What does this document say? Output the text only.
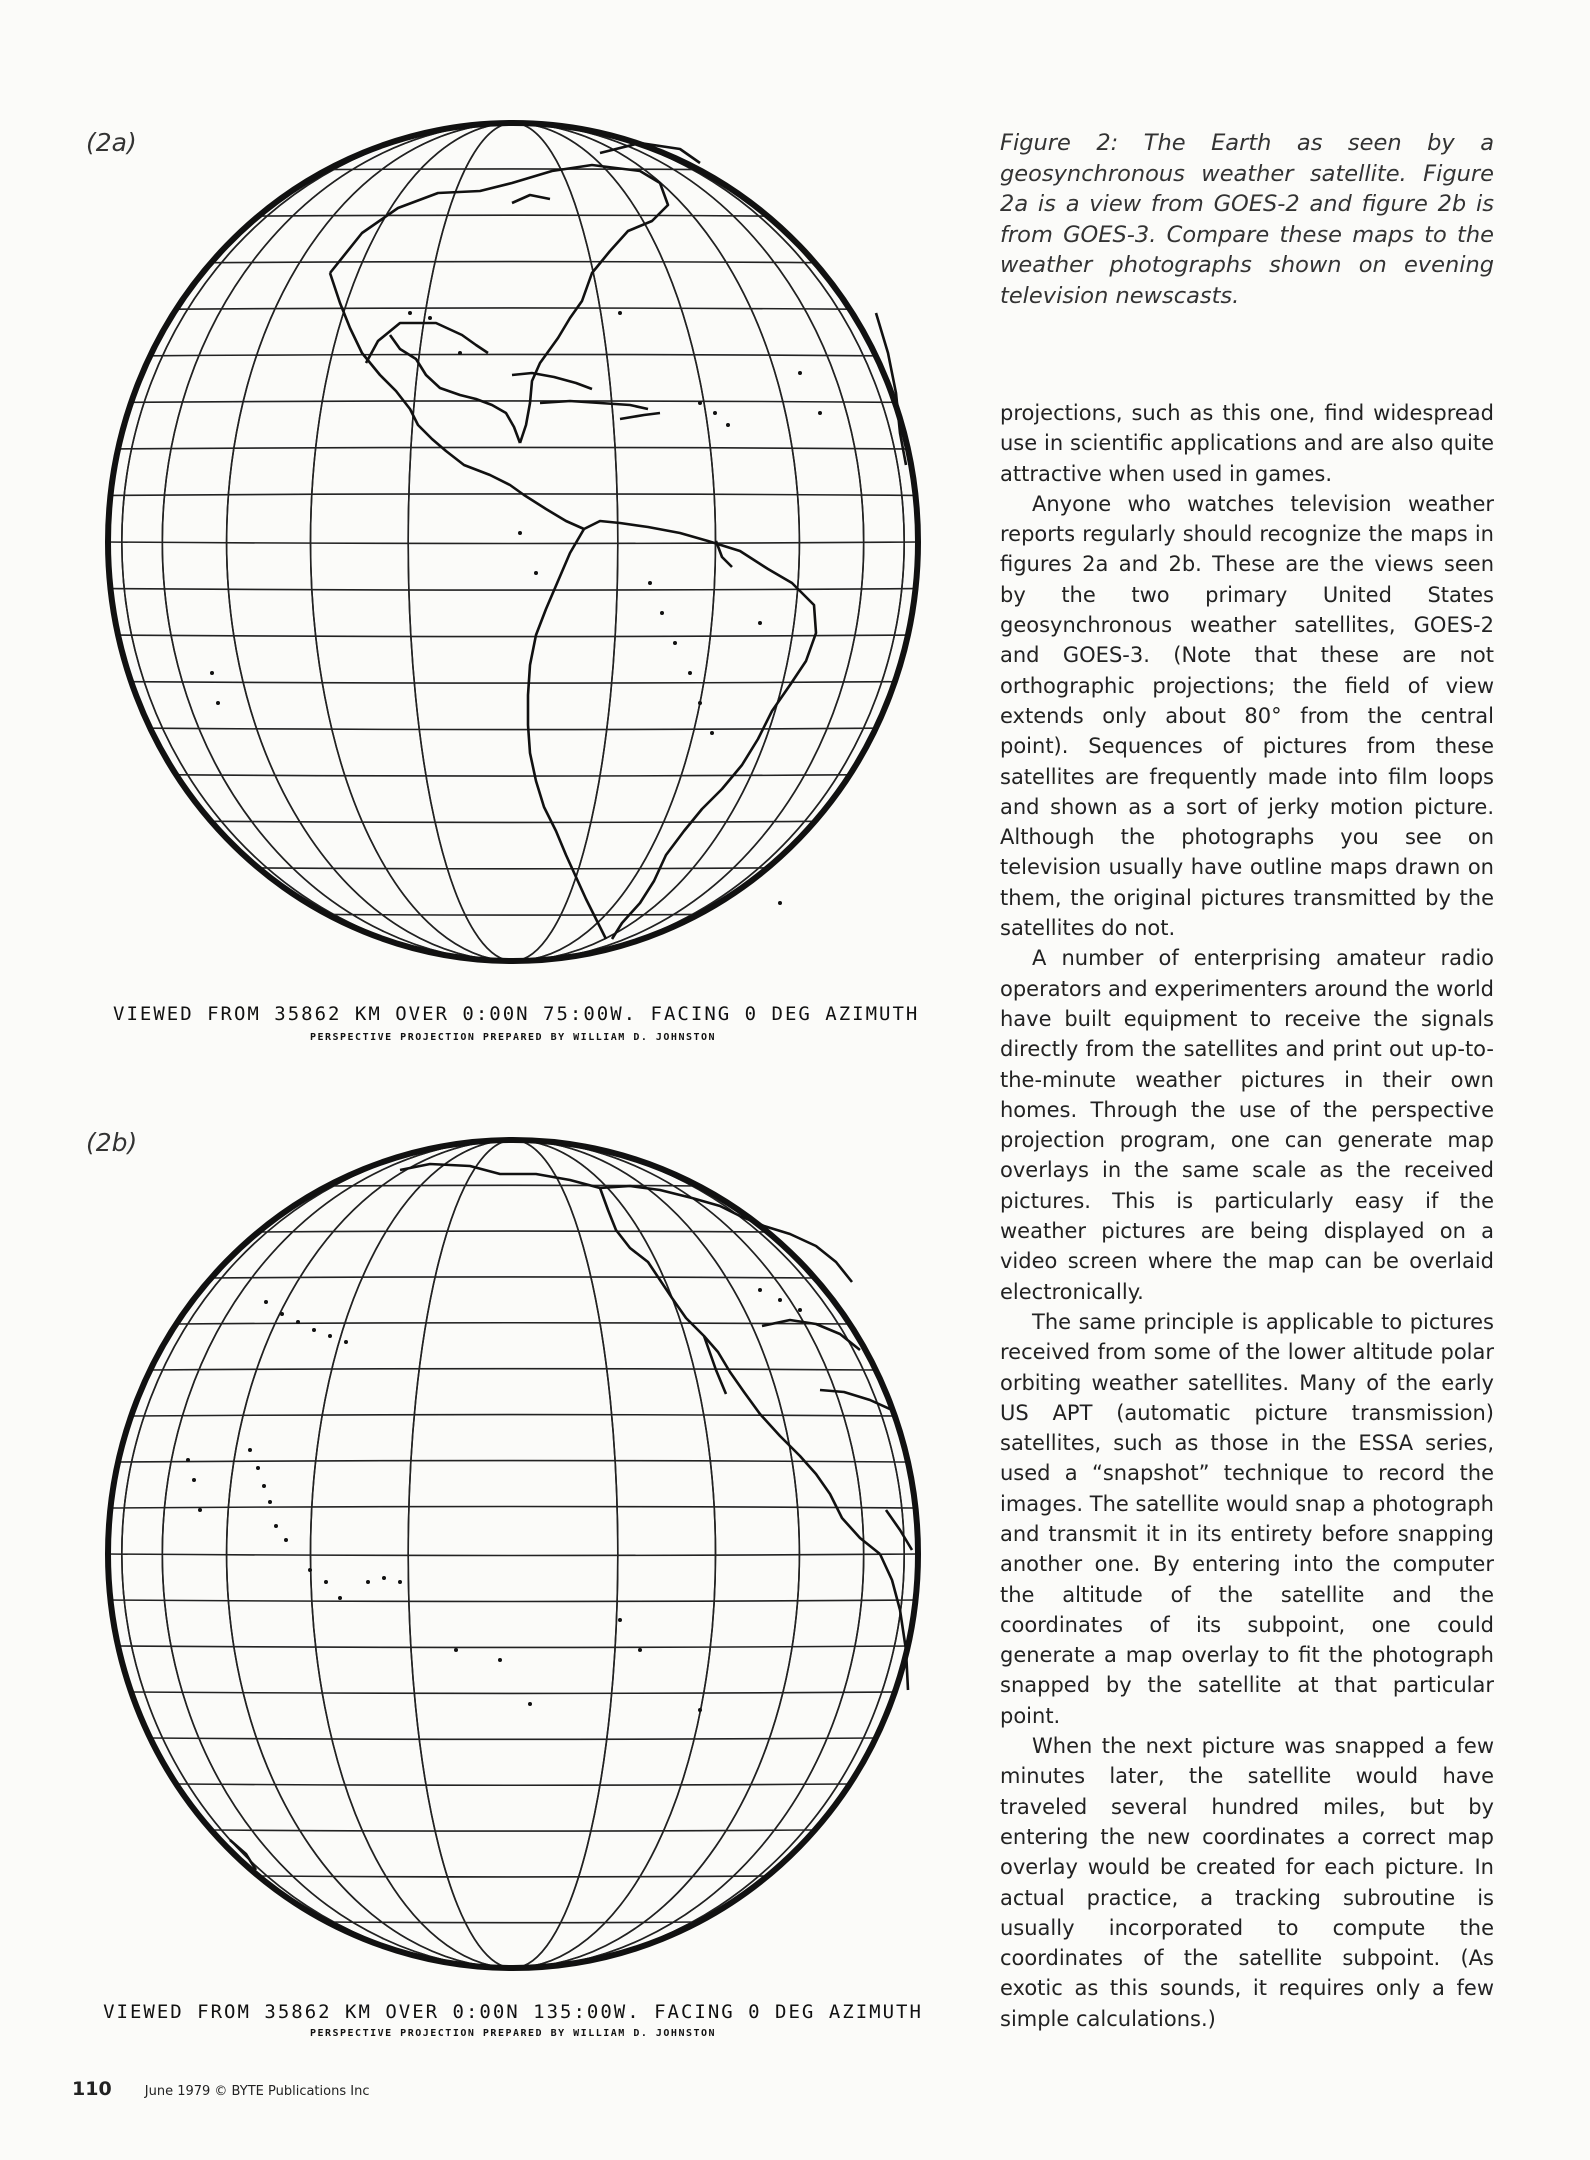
(2a)
VIEWED FROM 35862 KM OVER 0:00N 75:00W. FACING 0 DEG AZIMUTH
PERSPECTIVE PROJECTION PREPARED BY WILLIAM D. JOHNSTON
(2b)
VIEWED FROM 35862 KM OVER 0:00N 135:00W. FACING 0 DEG AZIMUTH
PERSPECTIVE PROJECTION PREPARED BY WILLIAM D. JOHNSTON
Figure 2: The Earth as seen by a geosynchronous weather satellite. Figure 2a is a view from GOES-2 and figure 2b is from GOES-3. Compare these maps to the weather photographs shown on evening television newscasts.

projections, such as this one, find widespread use in scientific applications and are also quite attractive when used in games.

Anyone who watches television weather reports regularly should recognize the maps in figures 2a and 2b. These are the views seen by the two primary United States geosynchronous weather satellites, GOES-2 and GOES-3. (Note that these are not orthographic projections; the field of view extends only about 80° from the central point). Sequences of pictures from these satellites are frequently made into film loops and shown as a sort of jerky motion picture. Although the photographs you see on television usually have outline maps drawn on them, the original pictures transmitted by the satellites do not.

A number of enterprising amateur radio operators and experimenters around the world have built equipment to receive the signals directly from the satellites and print out up-to-the-minute weather pictures in their own homes. Through the use of the perspective projection program, one can generate map overlays in the same scale as the received pictures. This is particularly easy if the weather pictures are being displayed on a video screen where the map can be overlaid electronically.

The same principle is applicable to pictures received from some of the lower altitude polar orbiting weather satellites. Many of the early US APT (automatic picture transmission) satellites, such as those in the ESSA series, used a “snapshot” technique to record the images. The satellite would snap a photograph and transmit it in its entirety before snapping another one. By entering into the computer the altitude of the satellite and the coordinates of its subpoint, one could generate a map overlay to fit the photograph snapped by the satellite at that particular point.

When the next picture was snapped a few minutes later, the satellite would have traveled several hundred miles, but by entering the new coordinates a correct map overlay would be created for each picture. In actual practice, a tracking subroutine is usually incorporated to compute the coordinates of the satellite subpoint. (As exotic as this sounds, it requires only a few simple calculations.)

110	June 1979 © BYTE Publications Inc
